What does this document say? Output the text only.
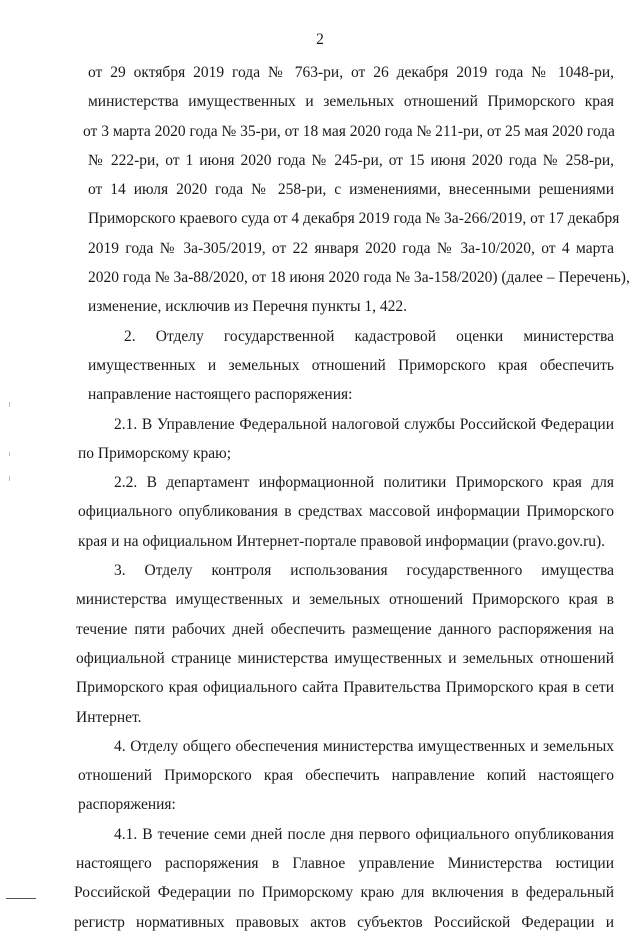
2
от 29 октября 2019 года № 763-ри, от 26 декабря 2019 года № 1048-ри,
министерства имущественных и земельных отношений Приморского края
от 3 марта 2020 года № 35-ри, от 18 мая 2020 года № 211-ри, от 25 мая 2020 года
№ 222-ри, от 1 июня 2020 года № 245-ри, от 15 июня 2020 года № 258-ри,
от 14 июля 2020 года № 258-ри, с изменениями, внесенными решениями
Приморского краевого суда от 4 декабря 2019 года № 3а-266/2019, от 17 декабря
2019 года № 3а-305/2019, от 22 января 2020 года № 3а-10/2020, от 4 марта
2020 года № 3а-88/2020, от 18 июня 2020 года № 3а-158/2020) (далее – Перечень),
изменение, исключив из Перечня пункты 1, 422.
2. Отделу государственной кадастровой оценки министерства
имущественных и земельных отношений Приморского края обеспечить
направление настоящего распоряжения:
2.1. В Управление Федеральной налоговой службы Российской Федерации
по Приморскому краю;
2.2. В департамент информационной политики Приморского края для
официального опубликования в средствах массовой информации Приморского
края и на официальном Интернет-портале правовой информации (pravo.gov.ru).
3. Отделу контроля использования государственного имущества
министерства имущественных и земельных отношений Приморского края в
течение пяти рабочих дней обеспечить размещение данного распоряжения на
официальной странице министерства имущественных и земельных отношений
Приморского края официального сайта Правительства Приморского края в сети
Интернет.
4. Отделу общего обеспечения министерства имущественных и земельных
отношений Приморского края обеспечить направление копий настоящего
распоряжения:
4.1. В течение семи дней после дня первого официального опубликования
настоящего распоряжения в Главное управление Министерства юстиции
Российской Федерации по Приморскому краю для включения в федеральный
регистр нормативных правовых актов субъектов Российской Федерации и
